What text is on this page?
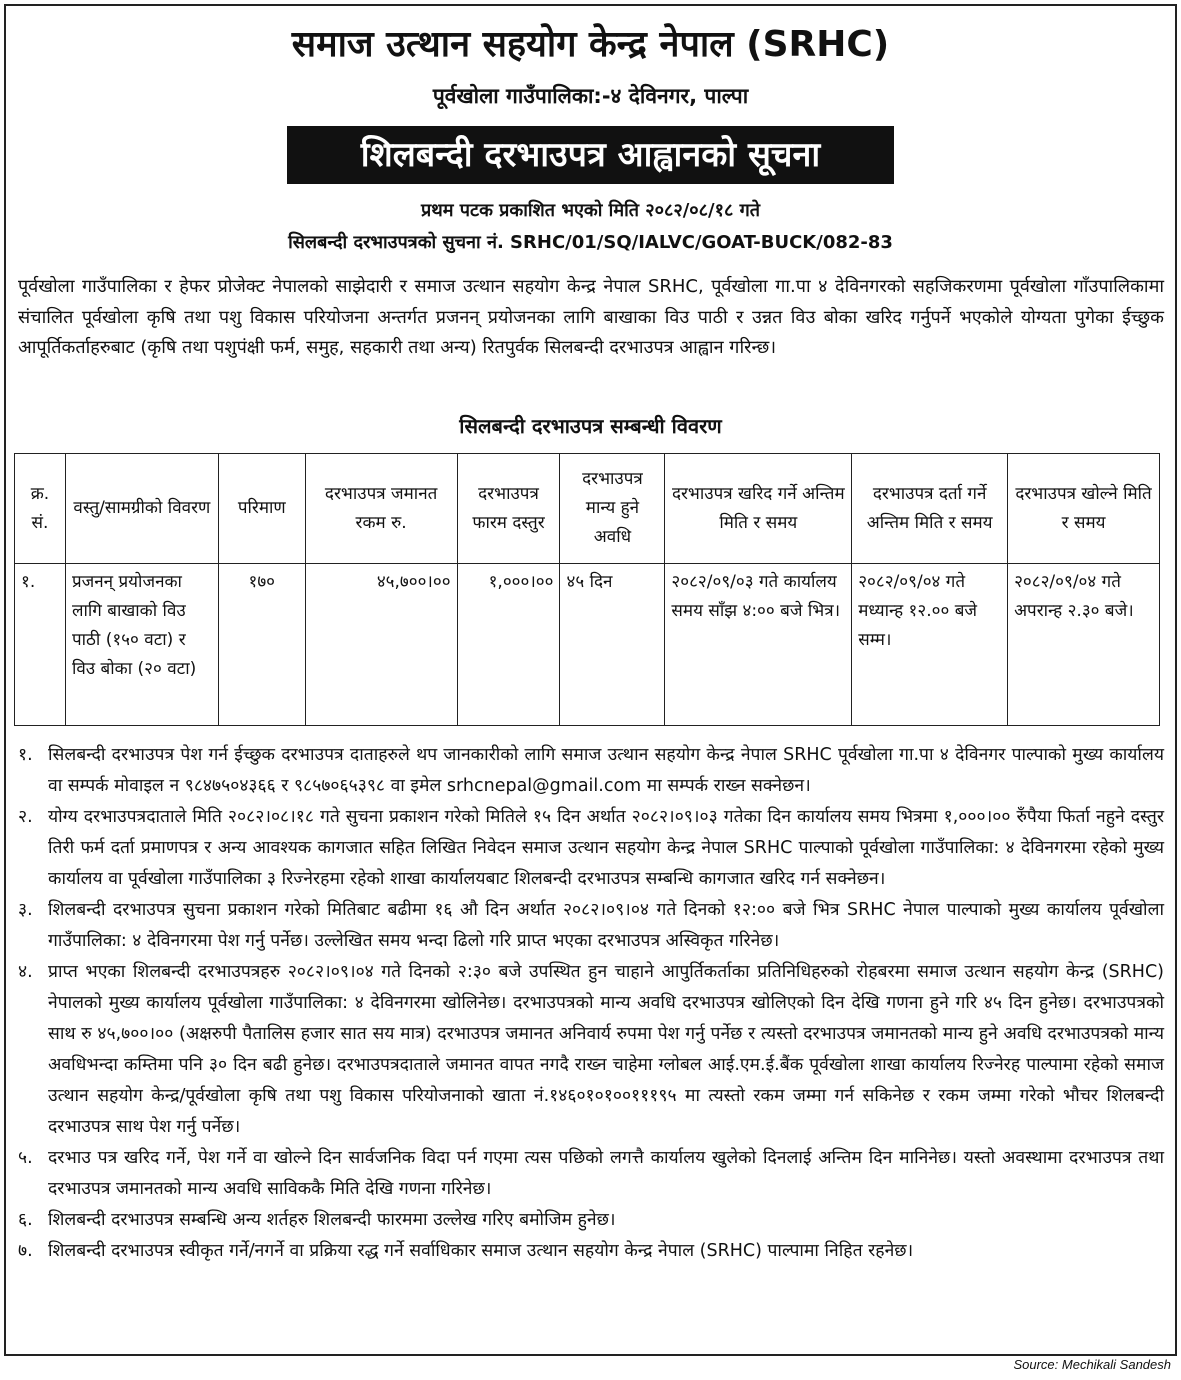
समाज उत्थान सहयोग केन्द्र नेपाल (SRHC)
पूर्वखोला गाउँपालिका:-४ देविनगर, पाल्पा
शिलबन्दी दरभाउपत्र आह्वानको सूचना
प्रथम पटक प्रकाशित भएको मिति २०८२/०८/१८ गते
सिलबन्दी दरभाउपत्रको सुचना नं. SRHC/01/SQ/IALVC/GOAT-BUCK/082-83
पूर्वखोला गाउँपालिका र हेफर प्रोजेक्ट नेपालको साझेदारी र समाज उत्थान सहयोग केन्द्र नेपाल SRHC, पूर्वखोला गा.पा ४ देविनगरको सहजिकरणमा पूर्वखोला गाँउपालिकामा संचालित पूर्वखोला कृषि तथा पशु विकास परियोजना अन्तर्गत प्रजनन् प्रयोजनका लागि बाखाका विउ पाठी र उन्नत विउ बोका खरिद गर्नुपर्ने भएकोले योग्यता पुगेका ईच्छुक आपूर्तिकर्ताहरुबाट (कृषि तथा पशुपंक्षी फर्म, समुह, सहकारी तथा अन्य) रितपुर्वक सिलबन्दी दरभाउपत्र आह्वान गरिन्छ।
सिलबन्दी दरभाउपत्र सम्बन्धी विवरण
क्र. सं.	वस्तु/सामग्रीको विवरण	परिमाण	दरभाउपत्र जमानत रकम रु.	दरभाउपत्र फारम दस्तुर	दरभाउपत्र मान्य हुने अवधि	दरभाउपत्र खरिद गर्ने अन्तिम मिति र समय	दरभाउपत्र दर्ता गर्ने अन्तिम मिति र समय	दरभाउपत्र खोल्ने मिति र समय
१.	प्रजनन् प्रयोजनका लागि बाखाको विउ पाठी (१५० वटा) र विउ बोका (२० वटा)	१७०	४५,७००।००	१,०००।००	४५ दिन	२०८२/०९/०३ गते कार्यालय समय साँझ ४:०० बजे भित्र।	२०८२/०९/०४ गते मध्यान्ह १२.०० बजे सम्म।	२०८२/०९/०४ गते अपरान्ह २.३० बजे।
१. सिलबन्दी दरभाउपत्र पेश गर्न ईच्छुक दरभाउपत्र दाताहरुले थप जानकारीको लागि समाज उत्थान सहयोग केन्द्र नेपाल SRHC पूर्वखोला गा.पा ४ देविनगर पाल्पाको मुख्य कार्यालय वा सम्पर्क मोवाइल न ९८४७५०४३६६ र ९८५७०६५३९८ वा इमेल srhcnepal@gmail.com मा सम्पर्क राख्न सक्नेछन।
२. योग्य दरभाउपत्रदाताले मिति २०८२।०८।१८ गते सुचना प्रकाशन गरेको मितिले १५ दिन अर्थात २०८२।०९।०३ गतेका दिन कार्यालय समय भित्रमा १,०००।०० रुँपैया फिर्ता नहुने दस्तुर तिरी फर्म दर्ता प्रमाणपत्र र अन्य आवश्यक कागजात सहित लिखित निवेदन समाज उत्थान सहयोग केन्द्र नेपाल SRHC पाल्पाको पूर्वखोला गाउँपालिका: ४ देविनगरमा रहेको मुख्य कार्यालय वा पूर्वखोला गाउँपालिका ३ रिज्नेरहमा रहेको शाखा कार्यालयबाट शिलबन्दी दरभाउपत्र सम्बन्धि कागजात खरिद गर्न सक्नेछन।
३. शिलबन्दी दरभाउपत्र सुचना प्रकाशन गरेको मितिबाट बढीमा १६ औ दिन अर्थात २०८२।०९।०४ गते दिनको १२:०० बजे भित्र SRHC नेपाल पाल्पाको मुख्य कार्यालय पूर्वखोला गाउँपालिका: ४ देविनगरमा पेश गर्नु पर्नेछ। उल्लेखित समय भन्दा ढिलो गरि प्राप्त भएका दरभाउपत्र अस्विकृत गरिनेछ।
४. प्राप्त भएका शिलबन्दी दरभाउपत्रहरु २०८२।०९।०४ गते दिनको २:३० बजे उपस्थित हुन चाहाने आपुर्तिकर्ताका प्रतिनिधिहरुको रोहबरमा समाज उत्थान सहयोग केन्द्र (SRHC) नेपालको मुख्य कार्यालय पूर्वखोला गाउँपालिका: ४ देविनगरमा खोलिनेछ। दरभाउपत्रको मान्य अवधि दरभाउपत्र खोलिएको दिन देखि गणना हुने गरि ४५ दिन हुनेछ। दरभाउपत्रको साथ रु ४५,७००।०० (अक्षरुपी पैतालिस हजार सात सय मात्र) दरभाउपत्र जमानत अनिवार्य रुपमा पेश गर्नु पर्नेछ र त्यस्तो दरभाउपत्र जमानतको मान्य हुने अवधि दरभाउपत्रको मान्य अवधिभन्दा कम्तिमा पनि ३० दिन बढी हुनेछ। दरभाउपत्रदाताले जमानत वापत नगदै राख्न चाहेमा ग्लोबल आई.एम.ई.बैंक पूर्वखोला शाखा कार्यालय रिज्नेरह पाल्पामा रहेको समाज उत्थान सहयोग केन्द्र/पूर्वखोला कृषि तथा पशु विकास परियोजनाको खाता नं.१४६०१०१००१११९५ मा त्यस्तो रकम जम्मा गर्न सकिनेछ र रकम जम्मा गरेको भौचर शिलबन्दी दरभाउपत्र साथ पेश गर्नु पर्नेछ।
५. दरभाउ पत्र खरिद गर्ने, पेश गर्ने वा खोल्ने दिन सार्वजनिक विदा पर्न गएमा त्यस पछिको लगत्तै कार्यालय खुलेको दिनलाई अन्तिम दिन मानिनेछ। यस्तो अवस्थामा दरभाउपत्र तथा दरभाउपत्र जमानतको मान्य अवधि साविककै मिति देखि गणना गरिनेछ।
६. शिलबन्दी दरभाउपत्र सम्बन्धि अन्य शर्तहरु शिलबन्दी फारममा उल्लेख गरिए बमोजिम हुनेछ।
७. शिलबन्दी दरभाउपत्र स्वीकृत गर्ने/नगर्ने वा प्रक्रिया रद्ध गर्ने सर्वाधिकार समाज उत्थान सहयोग केन्द्र नेपाल (SRHC) पाल्पामा निहित रहनेछ।
Source: Mechikali Sandesh
